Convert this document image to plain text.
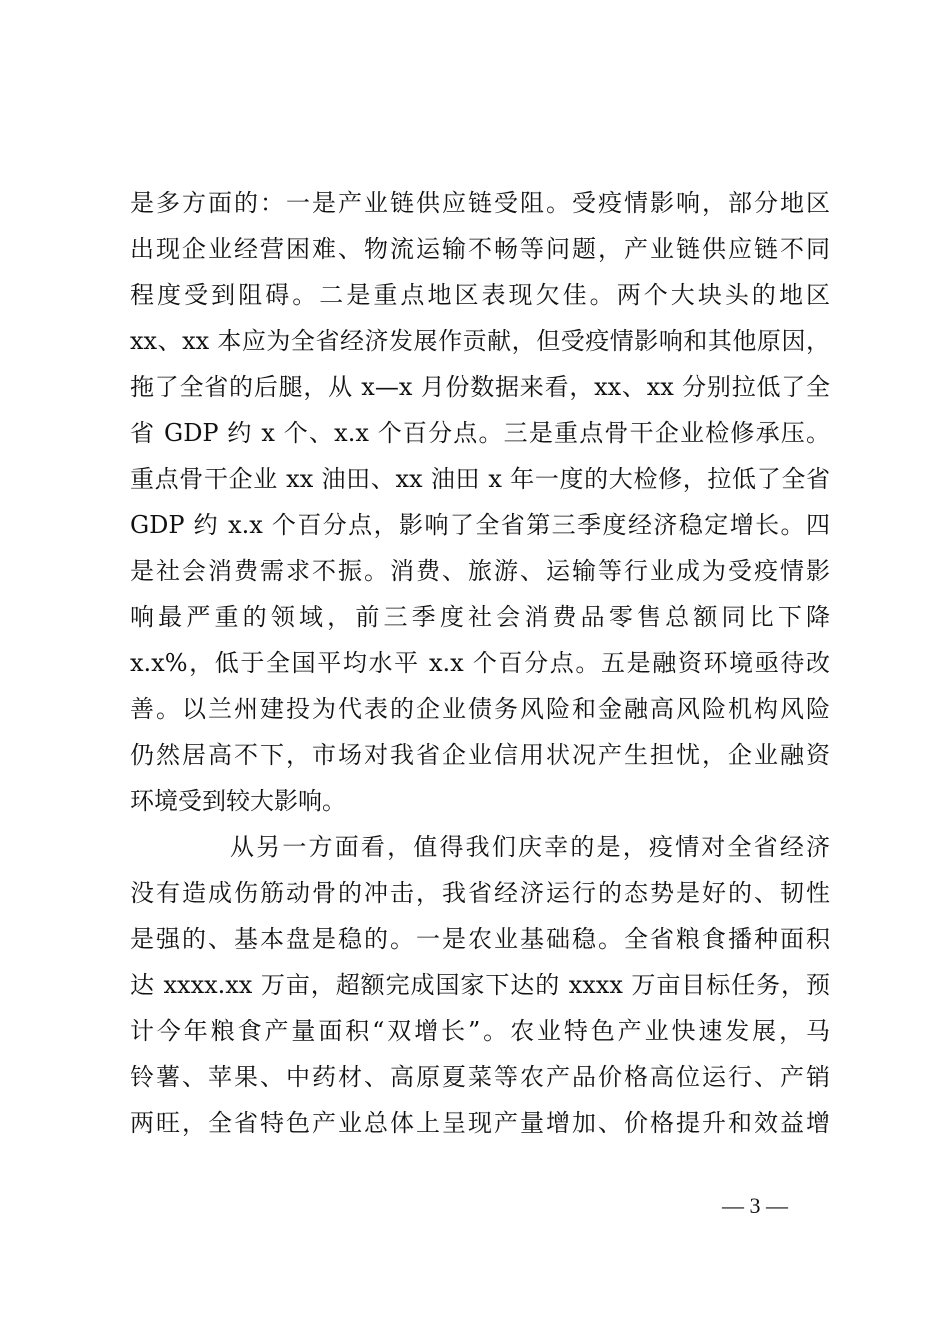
是多方面的：一是产业链供应链受阻。受疫情影响，部分地区
出现企业经营困难、物流运输不畅等问题，产业链供应链不同
程度受到阻碍。二是重点地区表现欠佳。两个大块头的地区
xx、xx 本应为全省经济发展作贡献，但受疫情影响和其他原因，
拖了全省的后腿，从 x—x 月份数据来看，xx、xx 分别拉低了全
省 GDP 约 x 个、x.x 个百分点。三是重点骨干企业检修承压。
重点骨干企业 xx 油田、xx 油田 x 年一度的大检修，拉低了全省
GDP 约 x.x 个百分点，影响了全省第三季度经济稳定增长。四
是社会消费需求不振。消费、旅游、运输等行业成为受疫情影
响最严重的领域，前三季度社会消费品零售总额同比下降
x.x%，低于全国平均水平 x.x 个百分点。五是融资环境亟待改
善。以兰州建投为代表的企业债务风险和金融高风险机构风险
仍然居高不下，市场对我省企业信用状况产生担忧，企业融资
环境受到较大影响。
从另一方面看，值得我们庆幸的是，疫情对全省经济
没有造成伤筋动骨的冲击，我省经济运行的态势是好的、韧性
是强的、基本盘是稳的。一是农业基础稳。全省粮食播种面积
达 xxxx.xx 万亩，超额完成国家下达的 xxxx 万亩目标任务，预
计今年粮食产量面积“双增长”。农业特色产业快速发展，马
铃薯、苹果、中药材、高原夏菜等农产品价格高位运行、产销
两旺，全省特色产业总体上呈现产量增加、价格提升和效益增
— 3 —
